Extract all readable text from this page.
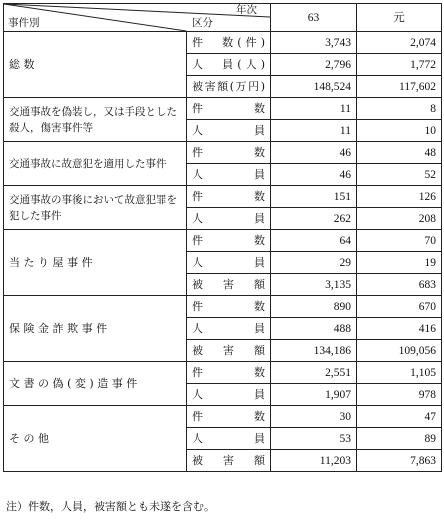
事件別 区分
年次		63	元
総数	件　数(件)	3,743	2,074
	人　員(人)	2,796	1,772
	被害額(万円)	148,524	117,602
交通事故を偽装し，又は手段とした殺人，傷害事件等	件数	11	8
	人員	11	10
交通事故に故意犯を適用した事件	件数	46	48
	人員	46	52
交通事故の事後において故意犯罪を犯した事件	件数	151	126
	人員	262	208
当たり屋事件	件数	64	70
	人員	29	19
	被害額	3,135	683
保険金詐欺事件	件数	890	670
	人員	488	416
	被害額	134,186	109,056
文書の偽(変)造事件	件数	2,551	1,105
	人員	1,907	978
その他	件数	30	47
	人員	53	89
	被害額	11,203	7,863
注）件数，人員，被害額とも未遂を含む。
